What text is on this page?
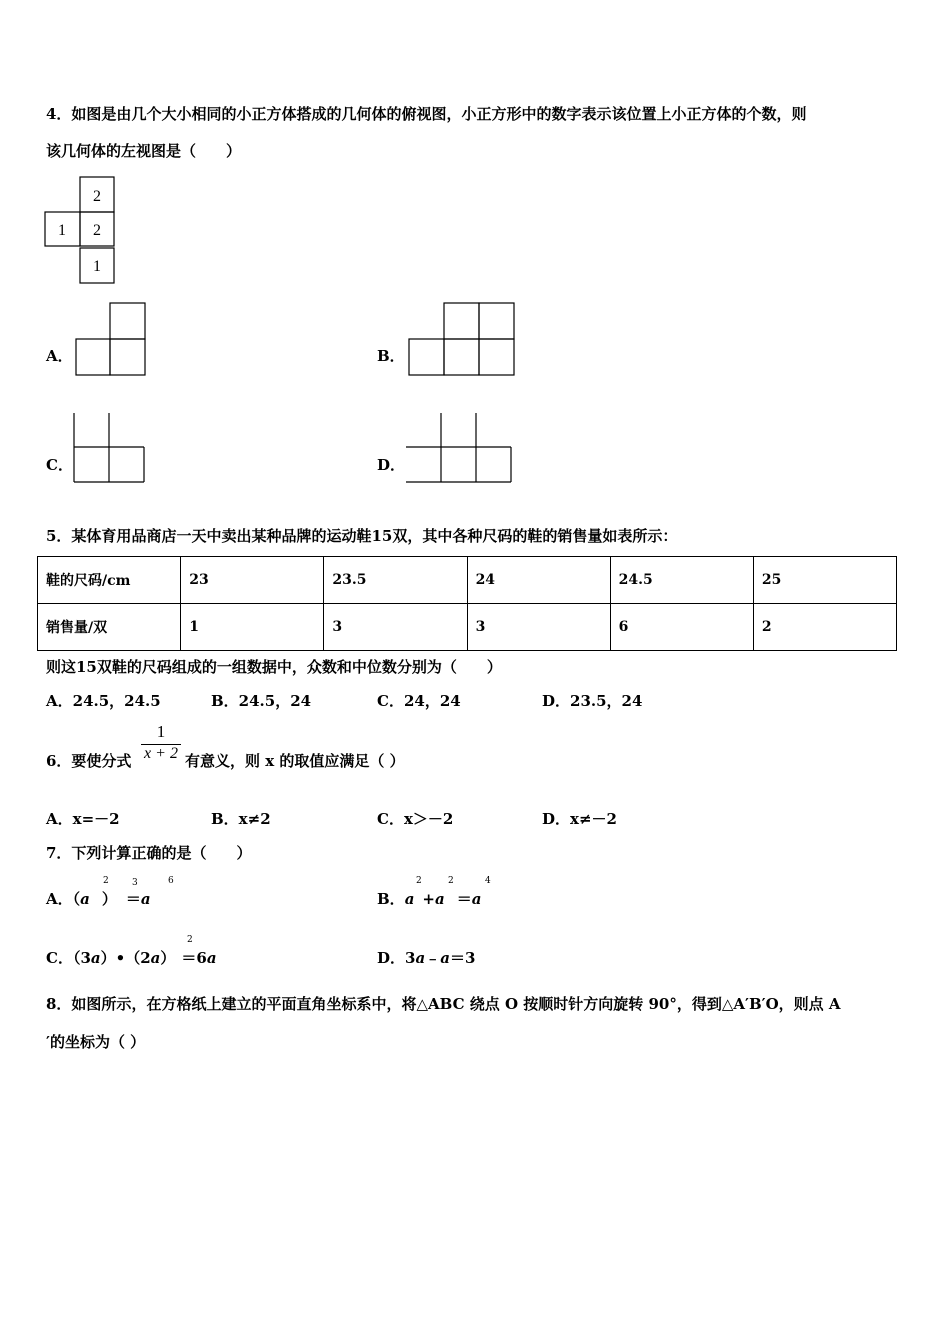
4．如图是由几个大小相同的小正方体搭成的几何体的俯视图，小正方形中的数字表示该位置上小正方体的个数，则
该几何体的左视图是（　　）
2
1 2
1
A．	B．
C．	D．
5．某体育用品商店一天中卖出某种品牌的运动鞋15双，其中各种尺码的鞋的销售量如表所示：
鞋的尺码/cm	23	23.5	24	24.5	25
销售量/双	1	3	3	6	2
则这15双鞋的尺码组成的一组数据中，众数和中位数分别为（　　）
A．24.5，24.5	B．24.5，24	C．24，24	D．23.5，24
6．要使分式
1
x + 2 有意义，则 x 的取值应满足（ ）
A．x=－2	B．x≠2	C．x＞－2	D．x≠－2
7．下列计算正确的是（　　）
A．（a ） ＝a
2	3	6
B．a +a ＝a
2	2	4
C．（3a）•（2a） ＝6a
2
D．3a﹣a＝3
8．如图所示，在方格纸上建立的平面直角坐标系中，将△ABC 绕点 O 按顺时针方向旋转 90°，得到△A′B′O，则点 A
′的坐标为（ ）
